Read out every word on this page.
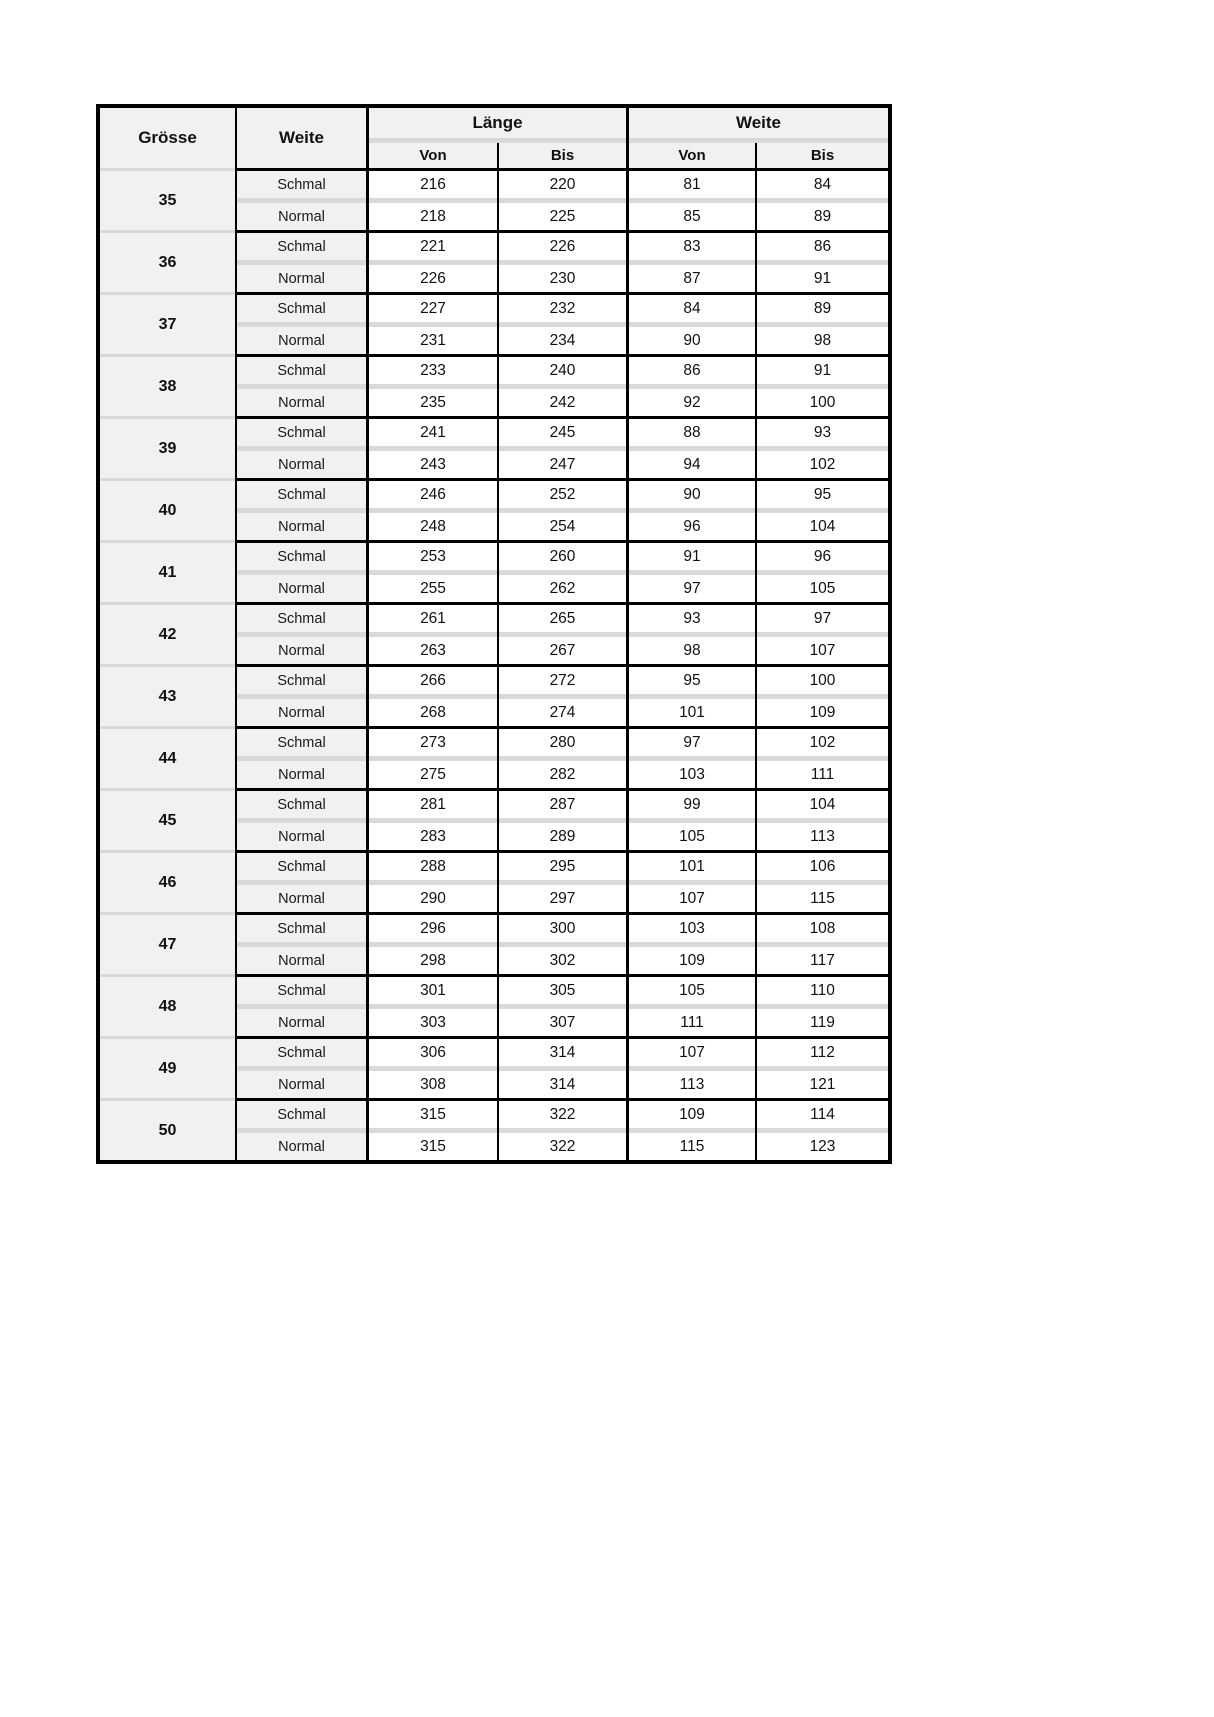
Grösse	Weite
Länge	Weite
Von	Bis	Von	Bis
35
Schmal	216	220	81	84
Normal	218	225	85	89
36
Schmal	221	226	83	86
Normal	226	230	87	91
37
Schmal	227	232	84	89
Normal	231	234	90	98
38
Schmal	233	240	86	91
Normal	235	242	92	100
39
Schmal	241	245	88	93
Normal	243	247	94	102
40
Schmal	246	252	90	95
Normal	248	254	96	104
41
Schmal	253	260	91	96
Normal	255	262	97	105
42
Schmal	261	265	93	97
Normal	263	267	98	107
43
Schmal	266	272	95	100
Normal	268	274	101	109
44
Schmal	273	280	97	102
Normal	275	282	103	111
45
Schmal	281	287	99	104
Normal	283	289	105	113
46
Schmal	288	295	101	106
Normal	290	297	107	115
47
Schmal	296	300	103	108
Normal	298	302	109	117
48
Schmal	301	305	105	110
Normal	303	307	111	119
49
Schmal	306	314	107	112
Normal	308	314	113	121
50
Schmal	315	322	109	114
Normal	315	322	115	123
